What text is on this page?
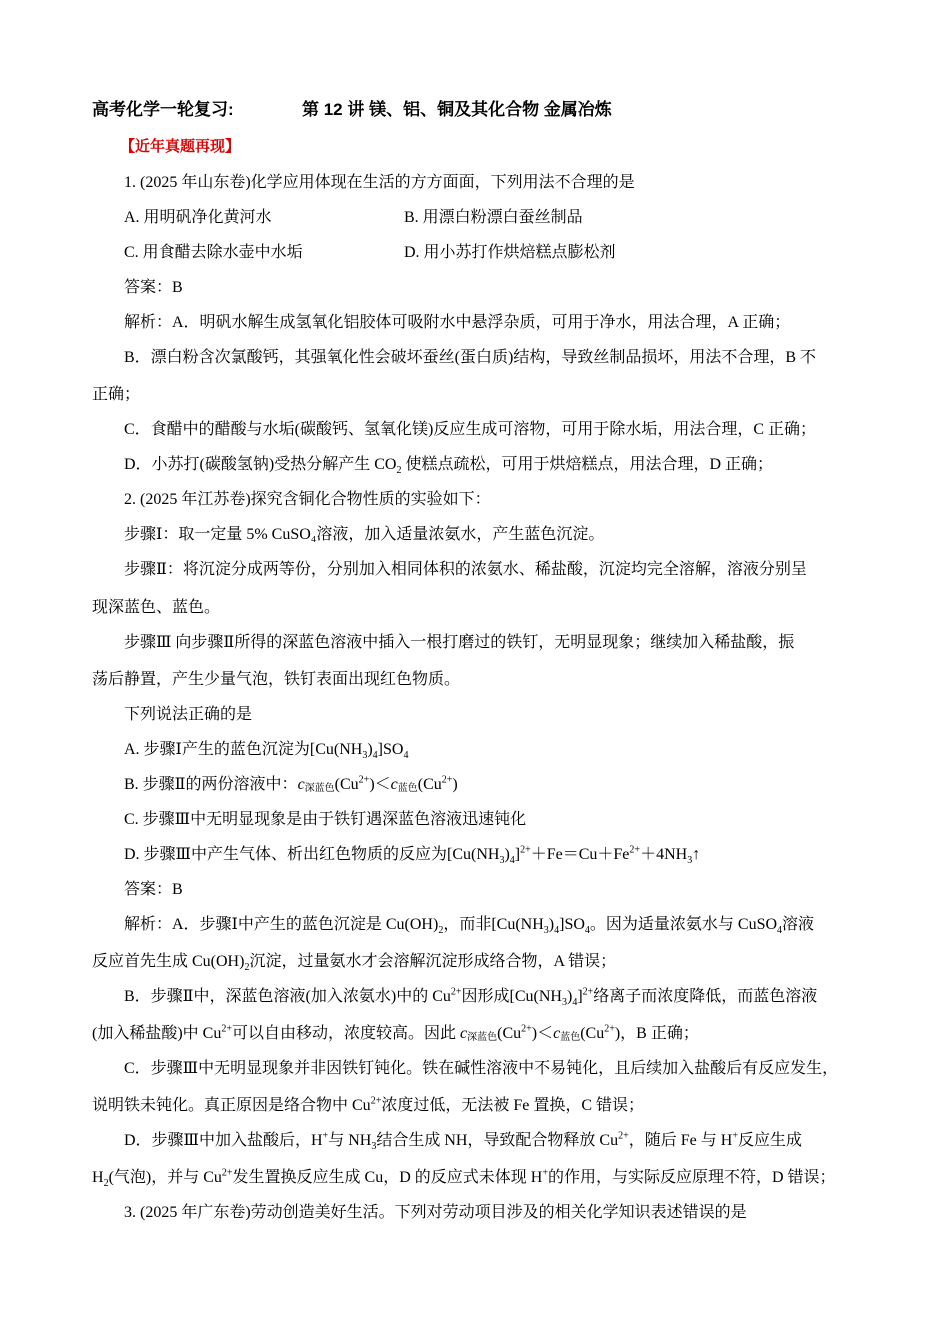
高考化学一轮复习:	第 12 讲 镁、铝、铜及其化合物 金属冶炼
【近年真题再现】
1. (2025 年山东卷)化学应用体现在生活的方方面面，下列用法不合理的是
A. 用明矾净化黄河水	B. 用漂白粉漂白蚕丝制品
C. 用食醋去除水壶中水垢	D. 用小苏打作烘焙糕点膨松剂
答案：B
解析：A．明矾水解生成氢氧化铝胶体可吸附水中悬浮杂质，可用于净水，用法合理，A 正确；
B．漂白粉含次氯酸钙，其强氧化性会破坏蚕丝(蛋白质)结构，导致丝制品损坏，用法不合理，B 不
正确；
C．食醋中的醋酸与水垢(碳酸钙、氢氧化镁)反应生成可溶物，可用于除水垢，用法合理，C 正确；
D．小苏打(碳酸氢钠)受热分解产生 $CO_2$ 使糕点疏松，可用于烘焙糕点，用法合理，D 正确；
2. (2025 年江苏卷)探究含铜化合物性质的实验如下：
步骤Ⅰ：取一定量 5% CuSO₄溶液，加入适量浓氨水，产生蓝色沉淀。
步骤Ⅱ：将沉淀分成两等份，分别加入相同体积的浓氨水、稀盐酸，沉淀均完全溶解，溶液分别呈
现深蓝色、蓝色。
步骤Ⅲ 向步骤Ⅱ所得的深蓝色溶液中插入一根打磨过的铁钉，无明显现象；继续加入稀盐酸，振
荡后静置，产生少量气泡，铁钉表面出现红色物质。
下列说法正确的是
A. 步骤Ⅰ产生的蓝色沉淀为$[Cu(NH_3)_4]SO_4$
B. 步骤Ⅱ的两份溶液中：c深蓝色$(Cu^{2+})<c$蓝色$(Cu^{2+})$
C. 步骤Ⅲ中无明显现象是由于铁钉遇深蓝色溶液迅速钝化
D. 步骤Ⅲ中产生气体、析出红色物质的反应为$[Cu(NH_3)_4]^{2+}+Fe=Cu+Fe^{2+}+4NH_3↑$
答案：B
解析：A．步骤Ⅰ中产生的蓝色沉淀是 $Cu(OH)_2$，而非$[Cu(NH_3)_4]SO_4$。因为适量浓氨水与 CuSO$_4$溶液
反应首先生成 $Cu(OH)_2$沉淀，过量氨水才会溶解沉淀形成络合物，A 错误；
B．步骤Ⅱ中，深蓝色溶液(加入浓氨水)中的 $Cu^{2+}$因形成$[Cu(NH_3)_4]^{2+}$络离子而浓度降低，而蓝色溶液
(加入稀盐酸)中 $Cu^{2+}$可以自由移动，浓度较高。因此 c深蓝色$(Cu^{2+})<c$蓝色$(Cu^{2+})$，B 正确；
C．步骤Ⅲ中无明显现象并非因铁钉钝化。铁在碱性溶液中不易钝化，且后续加入盐酸后有反应发生，
说明铁未钝化。真正原因是络合物中 $Cu^{2+}$浓度过低，无法被 Fe 置换，C 错误；
D．步骤Ⅲ中加入盐酸后，H+与 $NH_3$结合生成 NH，导致配合物释放 $Cu^{2+}$，随后 Fe 与 H+反应生成
$H_2$(气泡)，并与 $Cu^{2+}$发生置换反应生成 Cu，D 的反应式未体现 H+的作用，与实际反应原理不符，D 错误；
3. (2025 年广东卷)劳动创造美好生活。下列对劳动项目涉及的相关化学知识表述错误的是
